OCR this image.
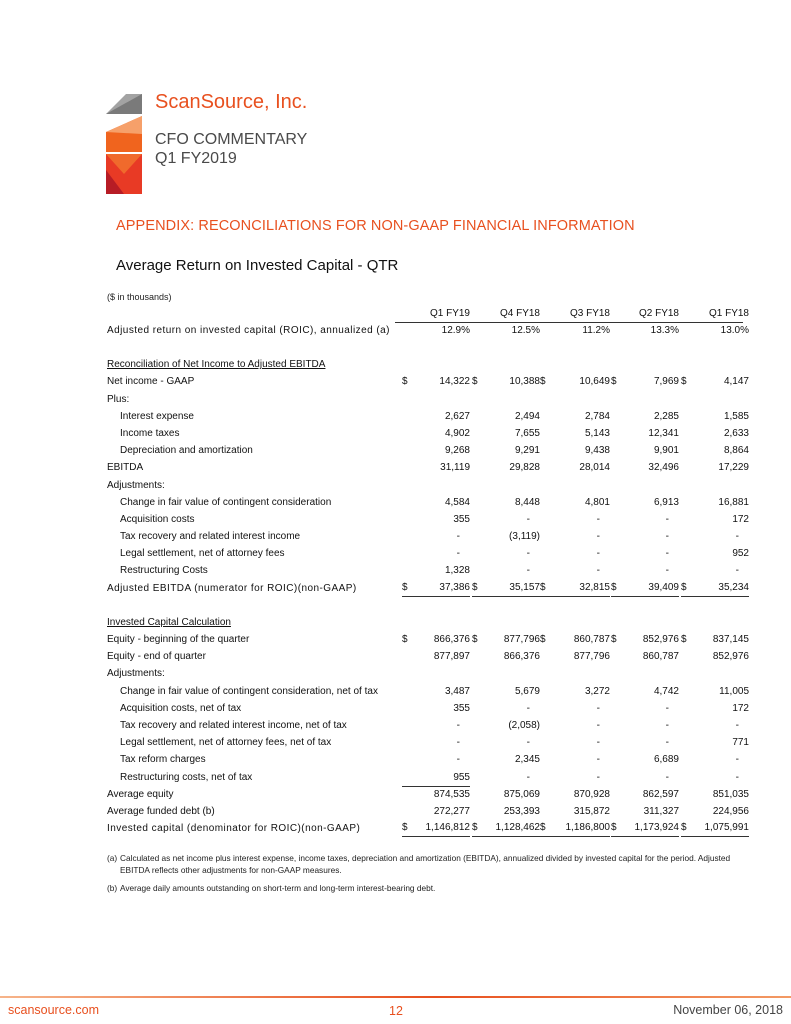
ScanSource, Inc.
CFO COMMENTARY
Q1 FY2019
APPENDIX: RECONCILIATIONS FOR NON-GAAP FINANCIAL INFORMATION
Average Return on Invested Capital - QTR
($ in thousands)
Q1 FY19	Q4 FY18	Q3 FY18	Q2 FY18	Q1 FY18
Adjusted return on invested capital (ROIC), annualized (a)	12.9%	12.5%	11.2%	13.3%	13.0%
Reconciliation of Net Income to Adjusted EBITDA
Net income - GAAP	$	14,322 $	10,388 $	10,649 $	7,969 $	4,147
Plus:
Interest expense	2,627	2,494	2,784	2,285	1,585
Income taxes	4,902	7,655	5,143	12,341	2,633
Depreciation and amortization	9,268	9,291	9,438	9,901	8,864
EBITDA	31,119	29,828	28,014	32,496	17,229
Adjustments:
Change in fair value of contingent consideration	4,584	8,448	4,801	6,913	16,881
Acquisition costs	355	-	-	-	172
Tax recovery and related interest income	-	(3,119)	-	-	-
Legal settlement, net of attorney fees	-	-	-	-	952
Restructuring Costs	1,328	-	-	-	-
Adjusted EBITDA (numerator for ROIC)(non-GAAP)	$	37,386 $	35,157 $	32,815 $	39,409 $	35,234
Invested Capital Calculation
Equity - beginning of the quarter	$	866,376 $	877,796 $	860,787 $	852,976 $	837,145
Equity - end of quarter	877,897	866,376	877,796	860,787	852,976
Adjustments:
Change in fair value of contingent consideration, net of tax	3,487	5,679	3,272	4,742	11,005
Acquisition costs, net of tax	355	-	-	-	172
Tax recovery and related interest income, net of tax	-	(2,058)	-	-	-
Legal settlement, net of attorney fees, net of tax	-	-	-	-	771
Tax reform charges	-	2,345	-	6,689	-
Restructuring costs, net of tax	955	-	-	-	-
Average equity	874,535	875,069	870,928	862,597	851,035
Average funded debt (b)	272,277	253,393	315,872	311,327	224,956
Invested capital (denominator for ROIC)(non-GAAP)	$ 1,146,812 $ 1,128,462 $ 1,186,800 $ 1,173,924 $ 1,075,991
(a) Calculated as net income plus interest expense, income taxes, depreciation and amortization (EBITDA), annualized divided by invested capital for the period. Adjusted EBITDA reflects other adjustments for non-GAAP measures.
(b) Average daily amounts outstanding on short-term and long-term interest-bearing debt.
scansource.com	12	November 06, 2018
